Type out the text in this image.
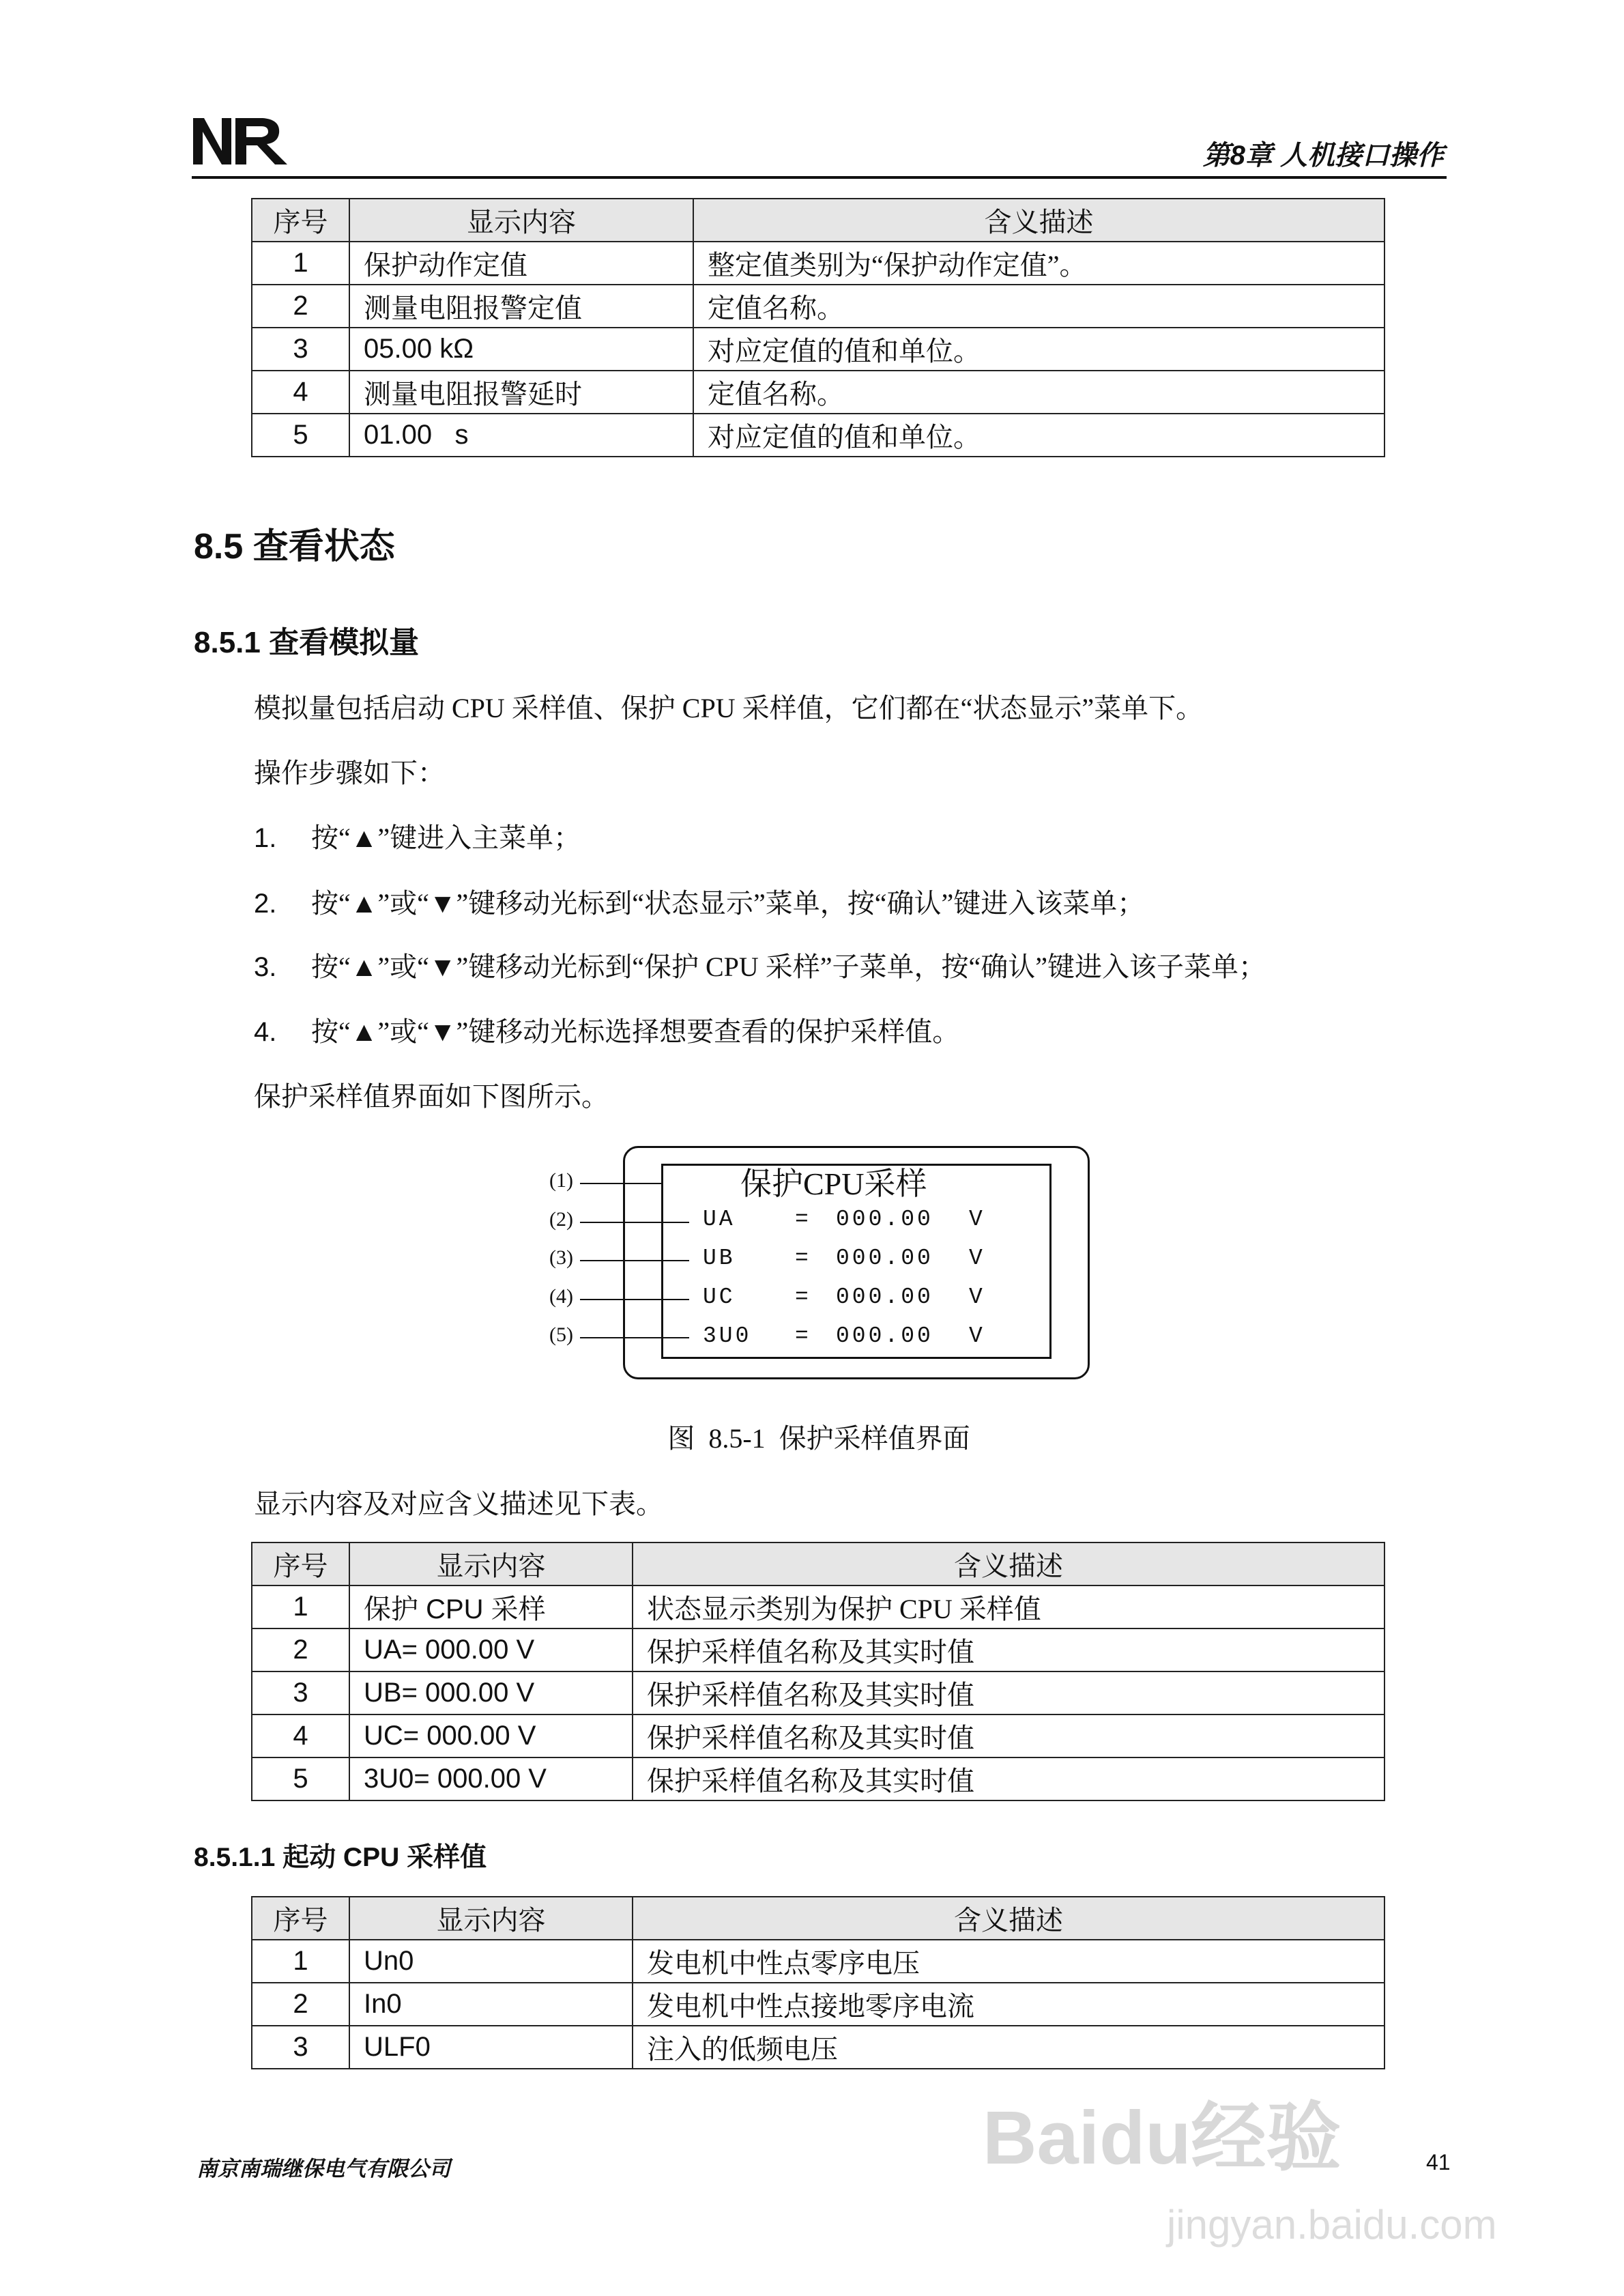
第8章 人机接口操作
序号	显示内容	含义描述
1	保护动作定值	整定值类别为“保护动作定值”。
2	测量电阻报警定值	定值名称。
3	05.00 kΩ	对应定值的值和单位。
4	测量电阻报警延时	定值名称。
5	01.00   s	对应定值的值和单位。
8.5 查看状态
8.5.1 查看模拟量
模拟量包括启动 CPU 采样值、保护 CPU 采样值，它们都在“状态显示”菜单下。
操作步骤如下：
1. 按“▲”键进入主菜单；
2. 按“▲”或“▼”键移动光标到“状态显示”菜单，按“确认”键进入该菜单；
3. 按“▲”或“▼”键移动光标到“保护 CPU 采样”子菜单，按“确认”键进入该子菜单；
4. 按“▲”或“▼”键移动光标选择想要查看的保护采样值。
保护采样值界面如下图所示。
(1)
(2)
(3)
(4)
(5)
保护CPU采样
UA	= 000.00 V
UB	= 000.00 V
UC	= 000.00 V
3U0 = 000.00 V
图  8.5-1  保护采样值界面
显示内容及对应含义描述见下表。
序号	显示内容	含义描述
1	保护 CPU 采样	状态显示类别为保护 CPU 采样值
2	UA= 000.00 V	保护采样值名称及其实时值
3	UB= 000.00 V	保护采样值名称及其实时值
4	UC= 000.00 V	保护采样值名称及其实时值
5	3U0= 000.00 V	保护采样值名称及其实时值
8.5.1.1 起动 CPU 采样值
序号	显示内容	含义描述
1	Un0	发电机中性点零序电压
2	In0	发电机中性点接地零序电流
3	ULF0	注入的低频电压
Baidu经验
jingyan.baidu.com
南京南瑞继保电气有限公司	41
